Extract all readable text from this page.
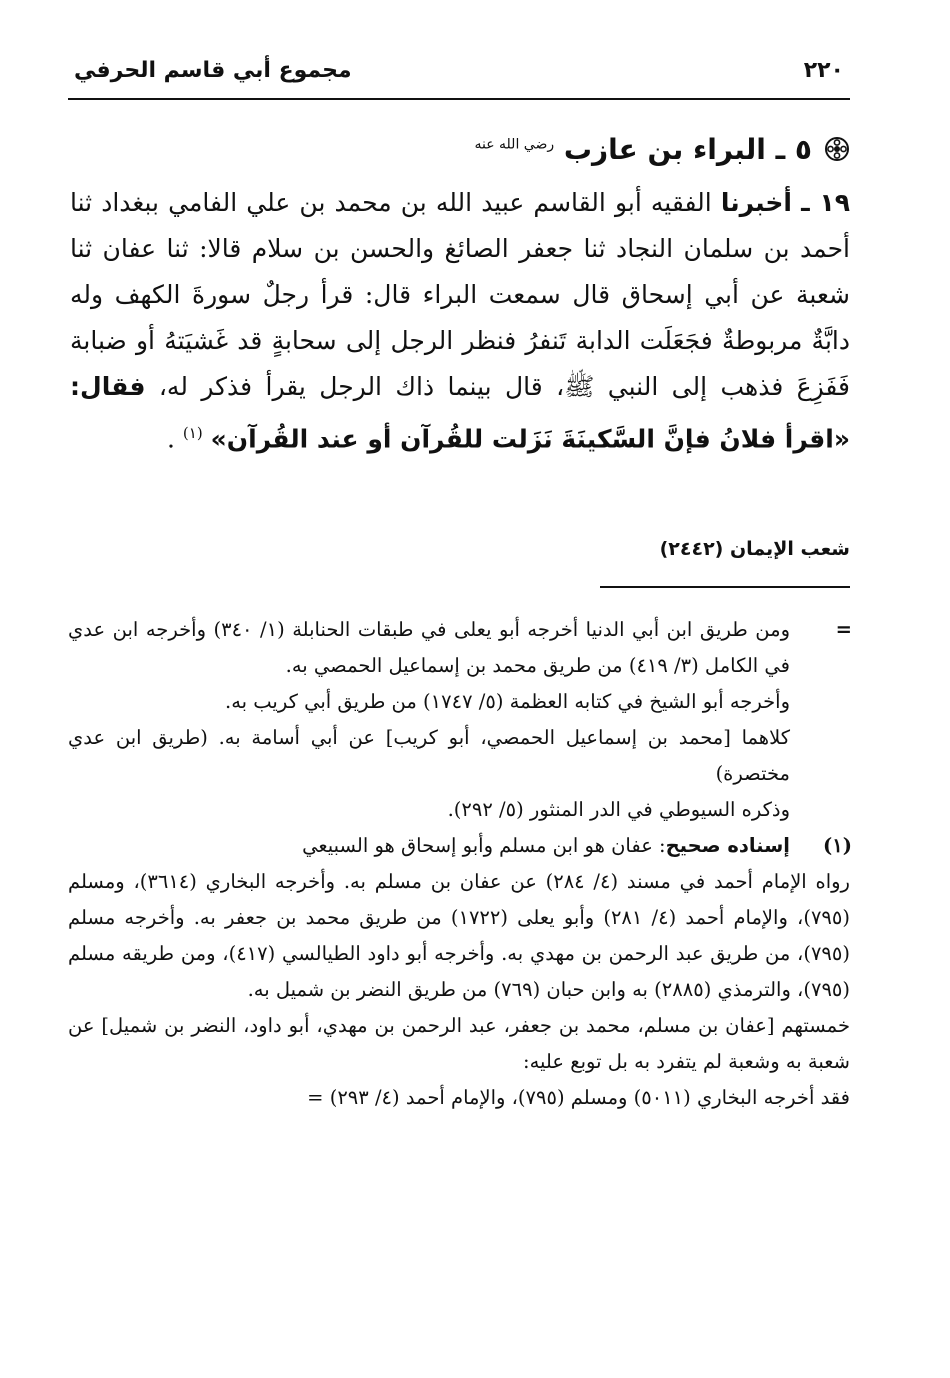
٢٢٠
مجموع أبي قاسم الحرفي
٥ ـ البراء بن عازب $^{رضي الله عنه}$
١٩ ـ أخبرنا الفقيه أبو القاسم عبيد الله بن محمد بن علي الفامي ببغداد ثنا أحمد بن سلمان النجاد ثنا جعفر الصائغ والحسن بن سلام قالا: ثنا عفان ثنا شعبة عن أبي إسحاق قال سمعت البراء قال: قرأ رجلٌ سورةَ الكهف وله دابَّةٌ مربوطةٌ فجَعَلَت الدابة تَنفرُ فنظر الرجل إلى سحابةٍ قد غَشيَتهُ أو ضبابة فَفَزِعَ فذهب إلى النبي ﷺ، قال بينما ذاك الرجل يقرأ فذكر له، فقال: «اقرأ فلانُ فإنَّ السَّكينَةَ نَزَلت للقُرآن أو عند القُرآن» $^{(١)}$ .
شعب الإيمان (٢٤٤٢)
=

ومن طريق ابن أبي الدنيا أخرجه أبو يعلى في طبقات الحنابلة (١/ ٣٤٠) وأخرجه ابن عدي في الكامل (٣/ ٤١٩) من طريق محمد بن إسماعيل الحمصي به.

وأخرجه أبو الشيخ في كتابه العظمة (٥/ ١٧٤٧) من طريق أبي كريب به.

كلاهما [محمد بن إسماعيل الحمصي، أبو كريب] عن أبي أسامة به. (طريق ابن عدي مختصرة)

وذكره السيوطي في الدر المنثور (٥/ ٢٩٢).

(١)

إسناده صحيح: عفان هو ابن مسلم وأبو إسحاق هو السبيعي

رواه الإمام أحمد في مسند (٤/ ٢٨٤) عن عفان بن مسلم به. وأخرجه البخاري (٣٦١٤)، ومسلم (٧٩٥)، والإمام أحمد (٤/ ٢٨١) وأبو يعلى (١٧٢٢) من طريق محمد بن جعفر به. وأخرجه مسلم (٧٩٥)، من طريق عبد الرحمن بن مهدي به. وأخرجه أبو داود الطيالسي (٤١٧)، ومن طريقه مسلم (٧٩٥)، والترمذي (٢٨٨٥) به وابن حبان (٧٦٩) من طريق النضر بن شميل به.

خمستهم [عفان بن مسلم، محمد بن جعفر، عبد الرحمن بن مهدي، أبو داود، النضر بن شميل] عن شعبة به وشعبة لم يتفرد به بل توبع عليه:

فقد أخرجه البخاري (٥٠١١) ومسلم (٧٩٥)، والإمام أحمد (٤/ ٢٩٣) =
